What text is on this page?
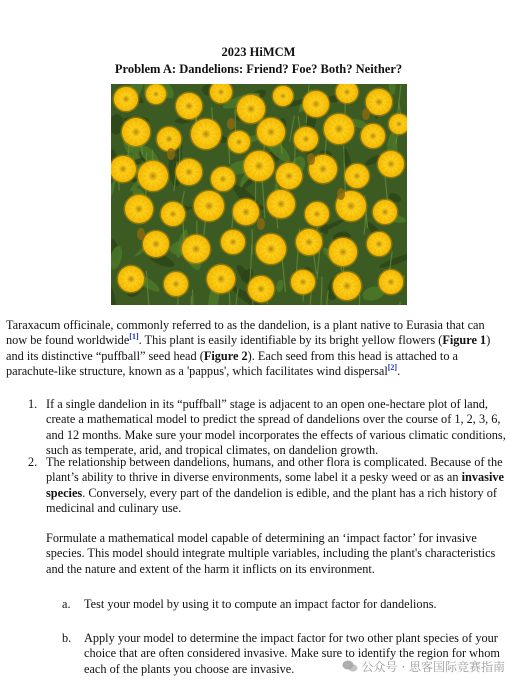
2023 HiMCM
Problem A: Dandelions: Friend? Foe? Both? Neither?

Taraxacum officinale, commonly referred to as the dandelion, is a plant native to Eurasia that can now be found worldwide[1]. This plant is easily identifiable by its bright yellow flowers (Figure 1) and its distinctive “puffball” seed head (Figure 2). Each seed from this head is attached to a parachute-like structure, known as a 'pappus', which facilitates wind dispersal[2].

1. If a single dandelion in its “puffball” stage is adjacent to an open one-hectare plot of land, create a mathematical model to predict the spread of dandelions over the course of 1, 2, 3, 6, and 12 months. Make sure your model incorporates the effects of various climatic conditions, such as temperate, arid, and tropical climates, on dandelion growth.

2. The relationship between dandelions, humans, and other flora is complicated. Because of the plant’s ability to thrive in diverse environments, some label it a pesky weed or as an invasive species. Conversely, every part of the dandelion is edible, and the plant has a rich history of medicinal and culinary use.

Formulate a mathematical model capable of determining an ‘impact factor’ for invasive species. This model should integrate multiple variables, including the plant's characteristics and the nature and extent of the harm it inflicts on its environment.

a. Test your model by using it to compute an impact factor for dandelions.

b. Apply your model to determine the impact factor for two other plant species of your choice that are often considered invasive. Make sure to identify the region for whom each of the plants you choose are invasive.	公众号 · 思客国际竞赛指南
